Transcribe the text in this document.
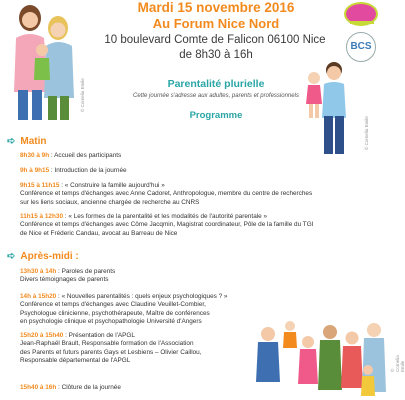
Mardi 15 novembre 2016
Au Forum Nice Nord
10 boulevard Comte de Falicon 06100 Nice
de 8h30 à 16h
BCS
© Cornelia Emile
© Cornelia Emile
© Cornelia Emile
Parentalité plurielle
Cette journée s'adresse aux adultes, parents et professionnels
Programme
➪ Matin
8h30 à 9h : Accueil des participants
9h à 9h15 : Introduction de la journée

9h15 à 11h15 : « Construire la famille aujourd'hui »

Conférence et temps d'échanges avec Anne Cadoret, Anthropologue, membre du centre de recherches

sur les liens sociaux, ancienne chargée de recherche au CNRS

11h15 à 12h30 : « Les formes de la parentalité et les modalités de l'autorité parentale »

Conférence et temps d'échanges avec Côme Jacqmin, Magistrat coordinateur, Pôle de la famille du TGI

de Nice et Fréderic Candau, avocat au Barreau de Nice

➪ Après-midi :

13h30 à 14h : Paroles de parents

Divers témoignages de parents

14h à 15h20 : « Nouvelles parentalités : quels enjeux psychologiques ? »

Conférence et temps d'échanges avec Claudine Veuillet-Combier,

Psychologue clinicienne, psychothérapeute, Maître de conférences

en psychologie clinique et psychopathologie Université d'Angers

15h20 à 15h40 : Présentation de l'APGL

Jean-Raphaël Brault, Responsable formation de l'Association

des Parents et futurs parents Gays et Lesbiens – Olivier Caillou,

Responsable départemental de l'APGL

15h40 à 16h : Clôture de la journée
